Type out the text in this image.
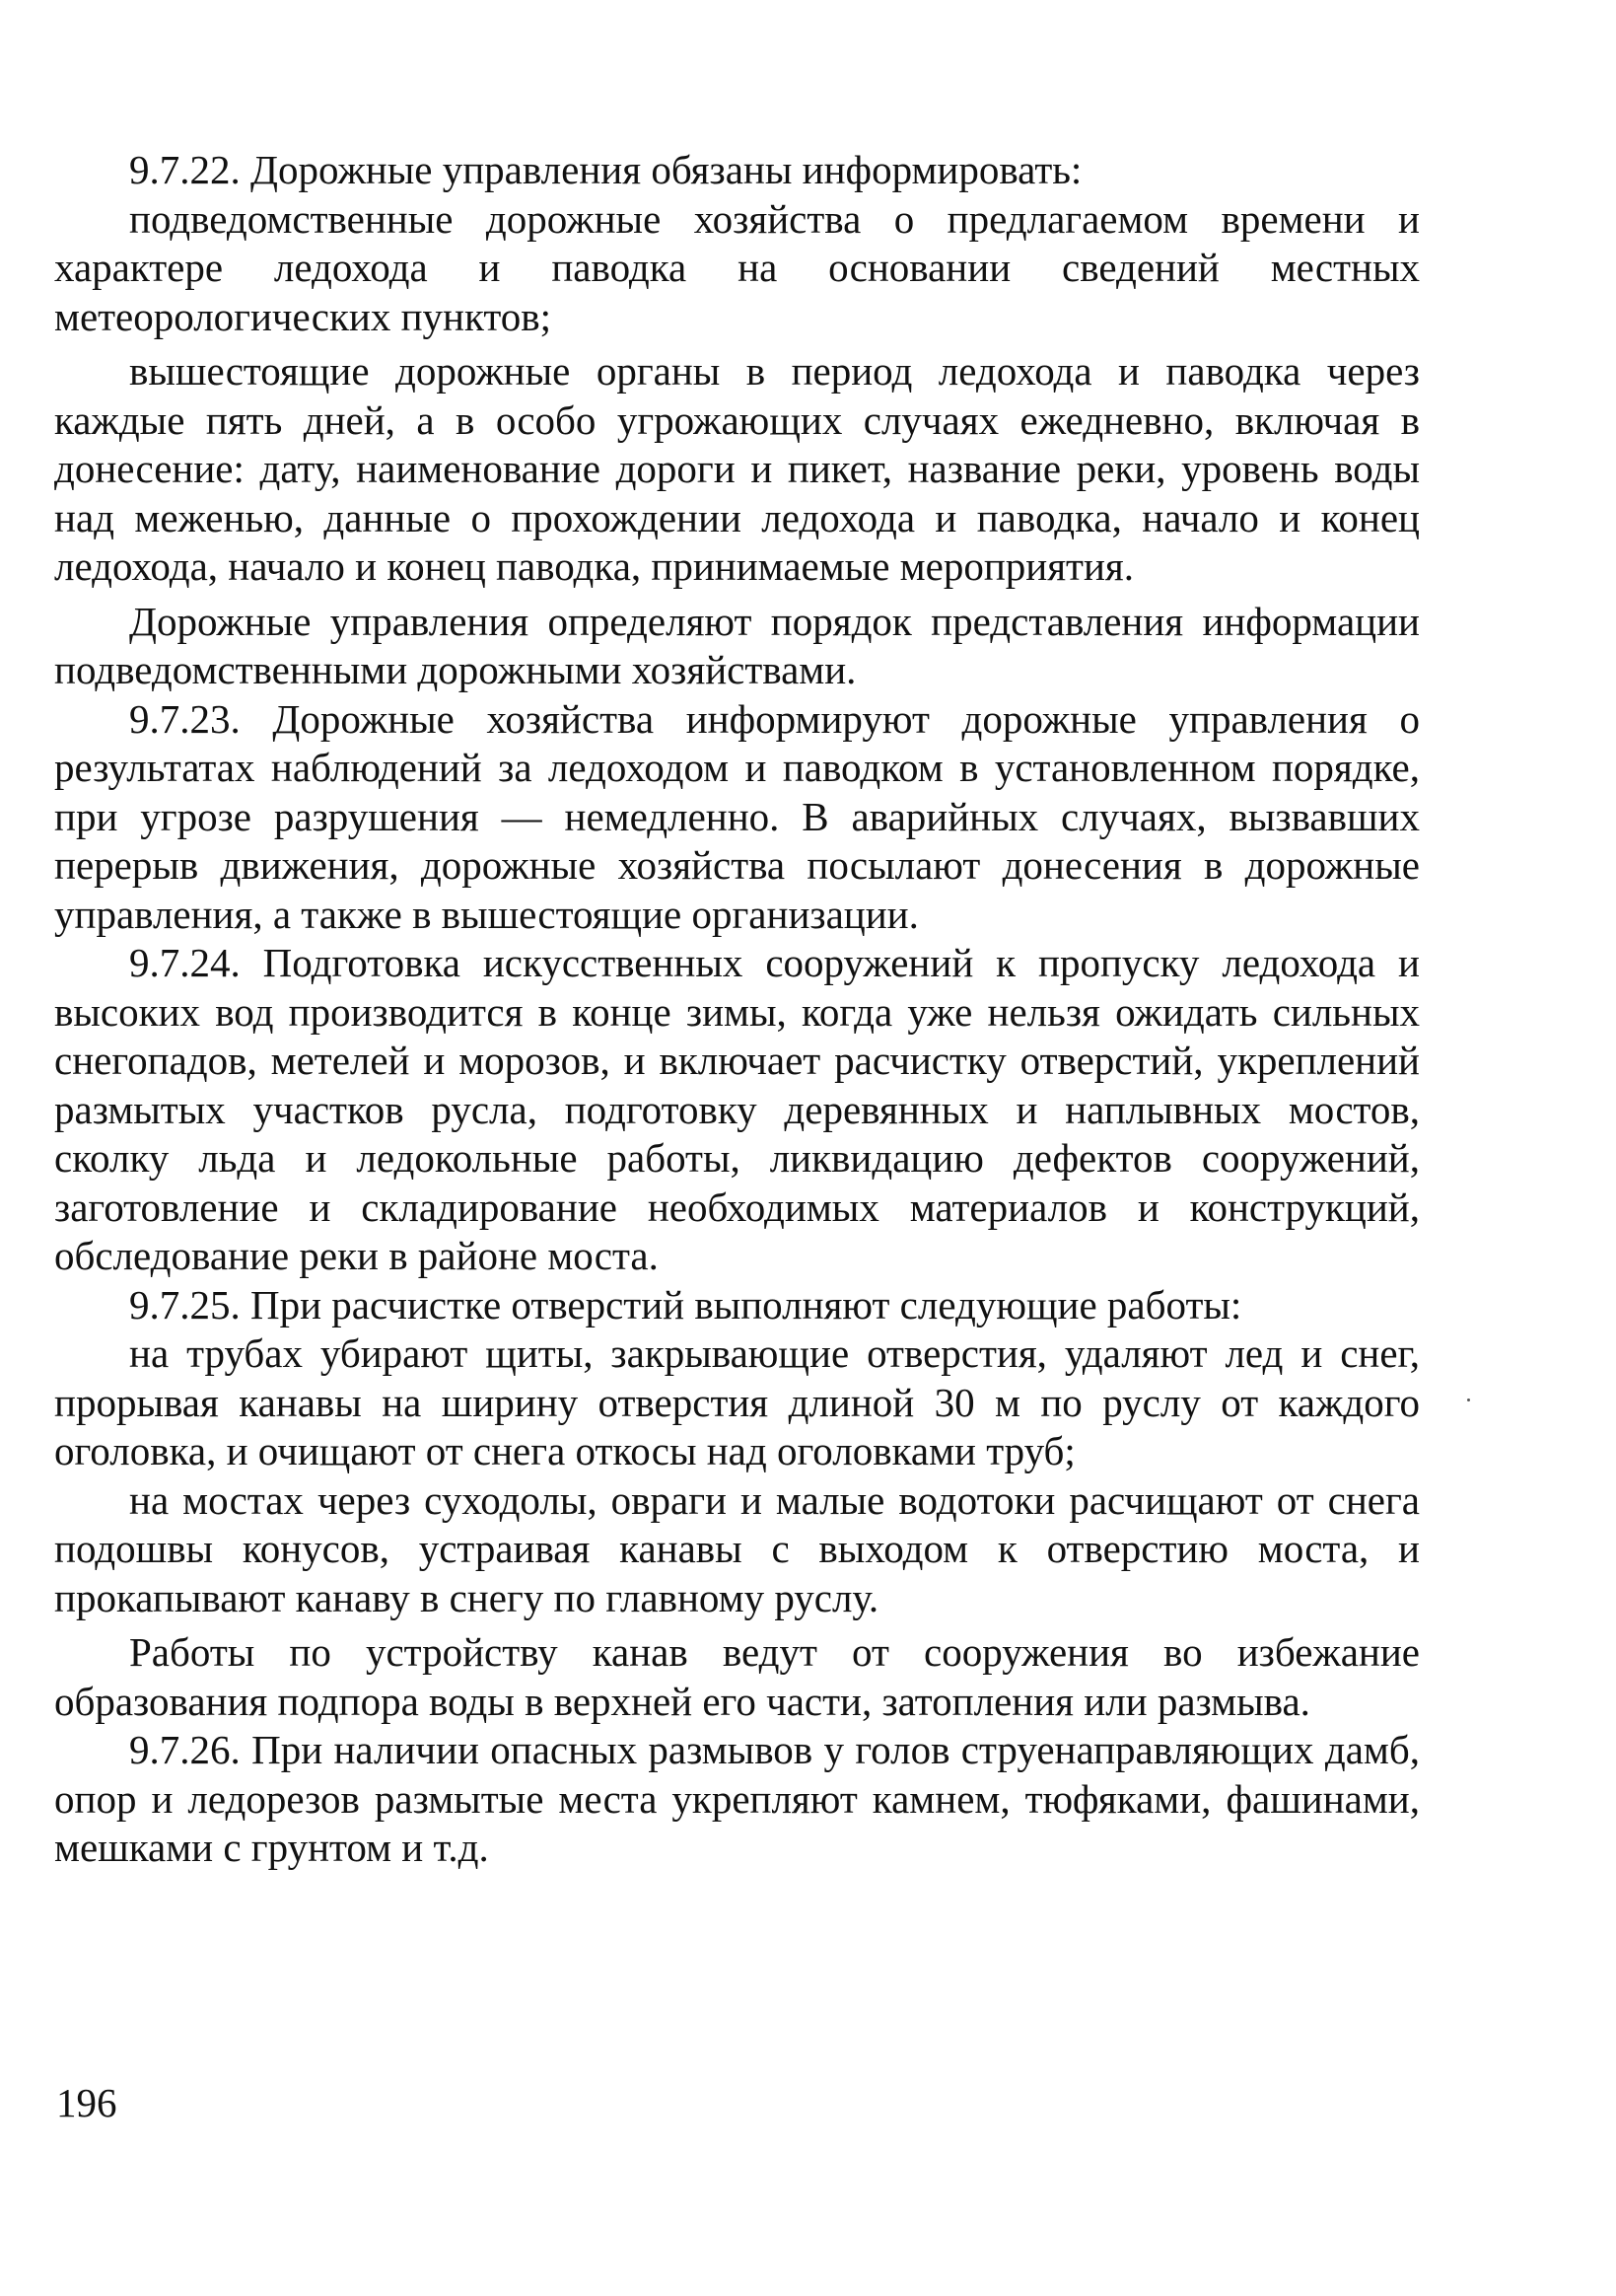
9.7.22. Дорожные управления обязаны информировать:

подведомственные дорожные хозяйства о предлагаемом времени и характере ледохода и паводка на основании сведений местных метеорологических пунктов;

вышестоящие дорожные органы в период ледохода и паводка через каждые пять дней, а в особо угрожающих случаях ежедневно, включая в донесение: дату, наименование дороги и пикет, название реки, уровень воды над меженью, данные о прохождении ледохода и паводка, начало и конец ледохода, начало и конец паводка, принимаемые мероприятия.

Дорожные управления определяют порядок представления информации подведомственными дорожными хозяйствами.

9.7.23. Дорожные хозяйства информируют дорожные управления о результатах наблюдений за ледоходом и паводком в установленном порядке, при угрозе разрушения — немедленно. В аварийных случаях, вызвавших перерыв движения, дорожные хозяйства посылают донесения в дорожные управления, а также в вышестоящие организации.

9.7.24. Подготовка искусственных сооружений к пропуску ледохода и высоких вод производится в конце зимы, когда уже нельзя ожидать сильных снегопадов, метелей и морозов, и включает расчистку отверстий, укреплений размытых участков русла, подготовку деревянных и наплывных мостов, сколку льда и ледокольные работы, ликвидацию дефектов сооружений, заготовление и складирование необходимых материалов и конструкций, обследование реки в районе моста.

9.7.25. При расчистке отверстий выполняют следующие работы:

на трубах убирают щиты, закрывающие отверстия, удаляют лед и снег, прорывая канавы на ширину отверстия длиной 30 м по руслу от каждого оголовка, и очищают от снега откосы над оголовками труб;

на мостах через суходолы, овраги и малые водотоки расчищают от снега подошвы конусов, устраивая канавы с выходом к отверстию моста, и прокапывают канаву в снегу по главному руслу.

Работы по устройству канав ведут от сооружения во избежание образования подпора воды в верхней его части, затопления или размыва.

9.7.26. При наличии опасных размывов у голов струенаправляющих дамб, опор и ледорезов размытые места укрепляют камнем, тюфяками, фашинами, мешками с грунтом и т.д.

196
